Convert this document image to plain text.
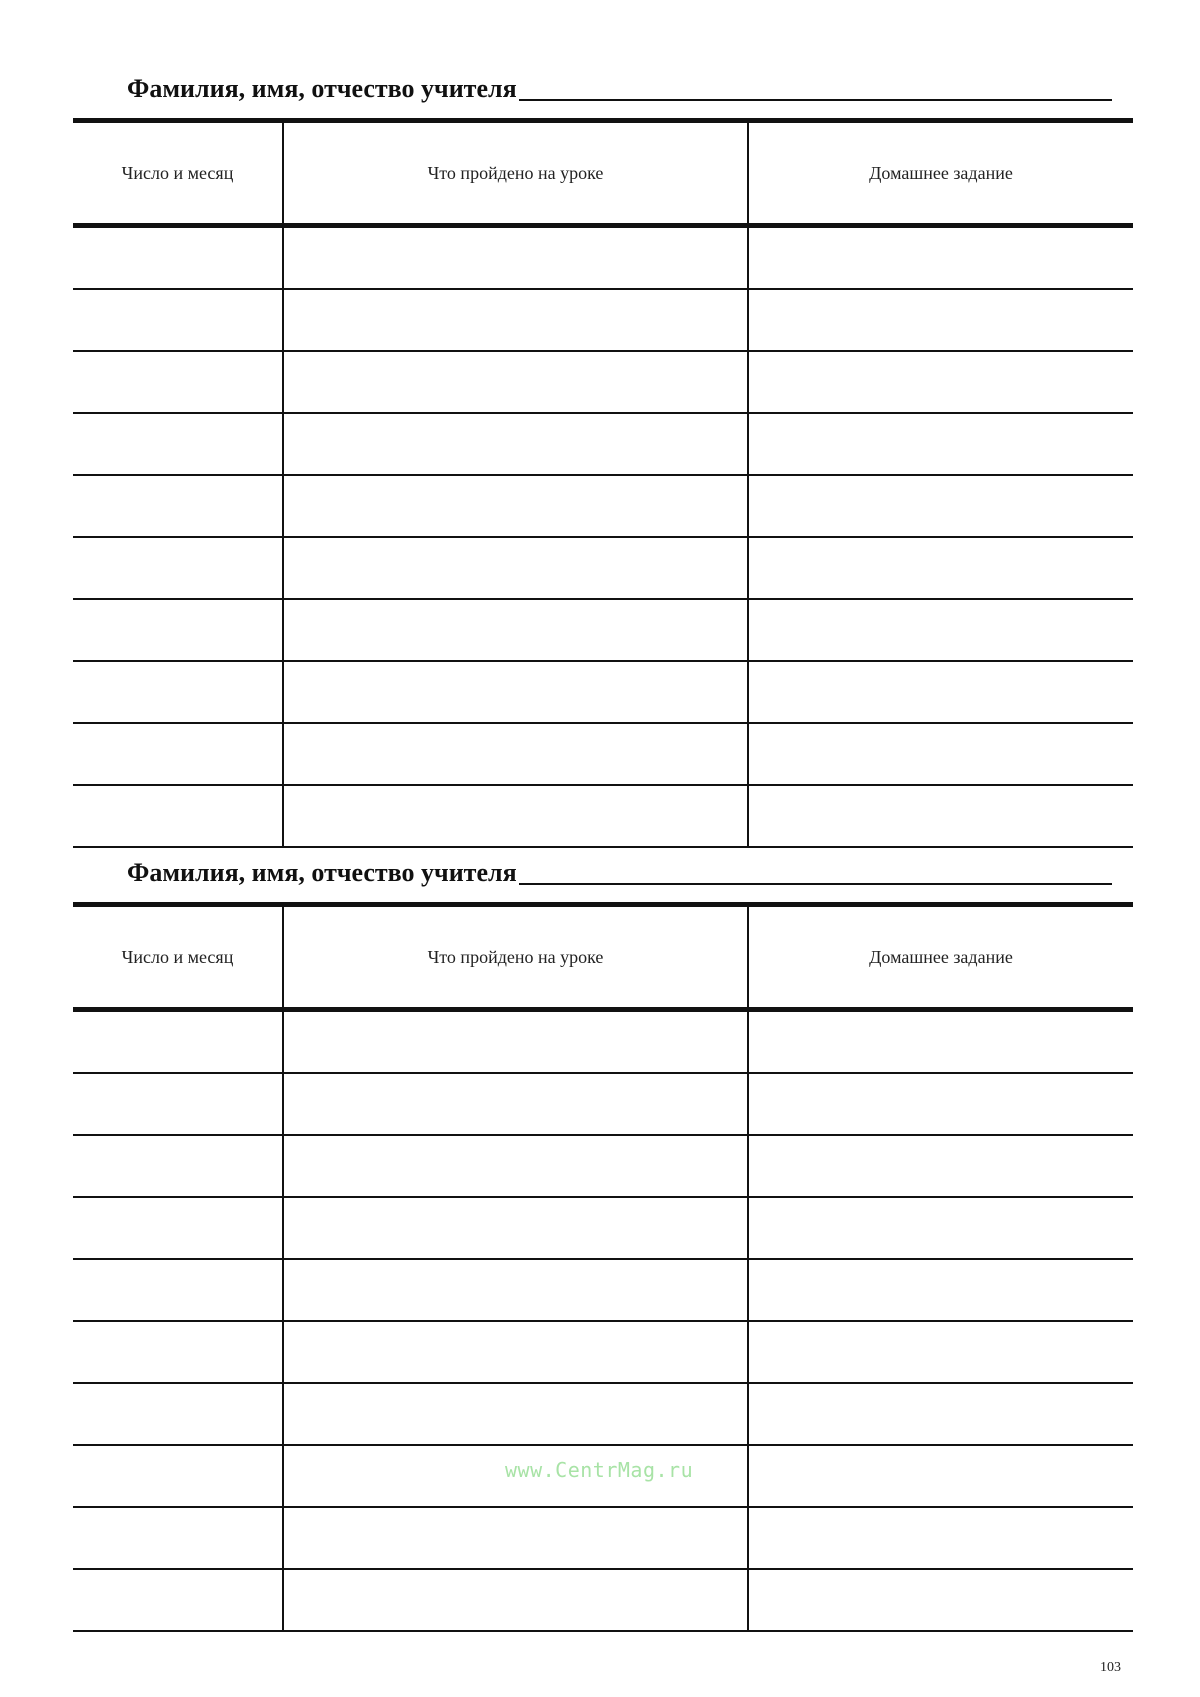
Фамилия, имя, отчество учителя
Число и месяц	Что пройдено на уроке	Домашнее задание

Фамилия, имя, отчество учителя
Число и месяц	Что пройдено на уроке	Домашнее задание

www.CentrMag.ru
103
